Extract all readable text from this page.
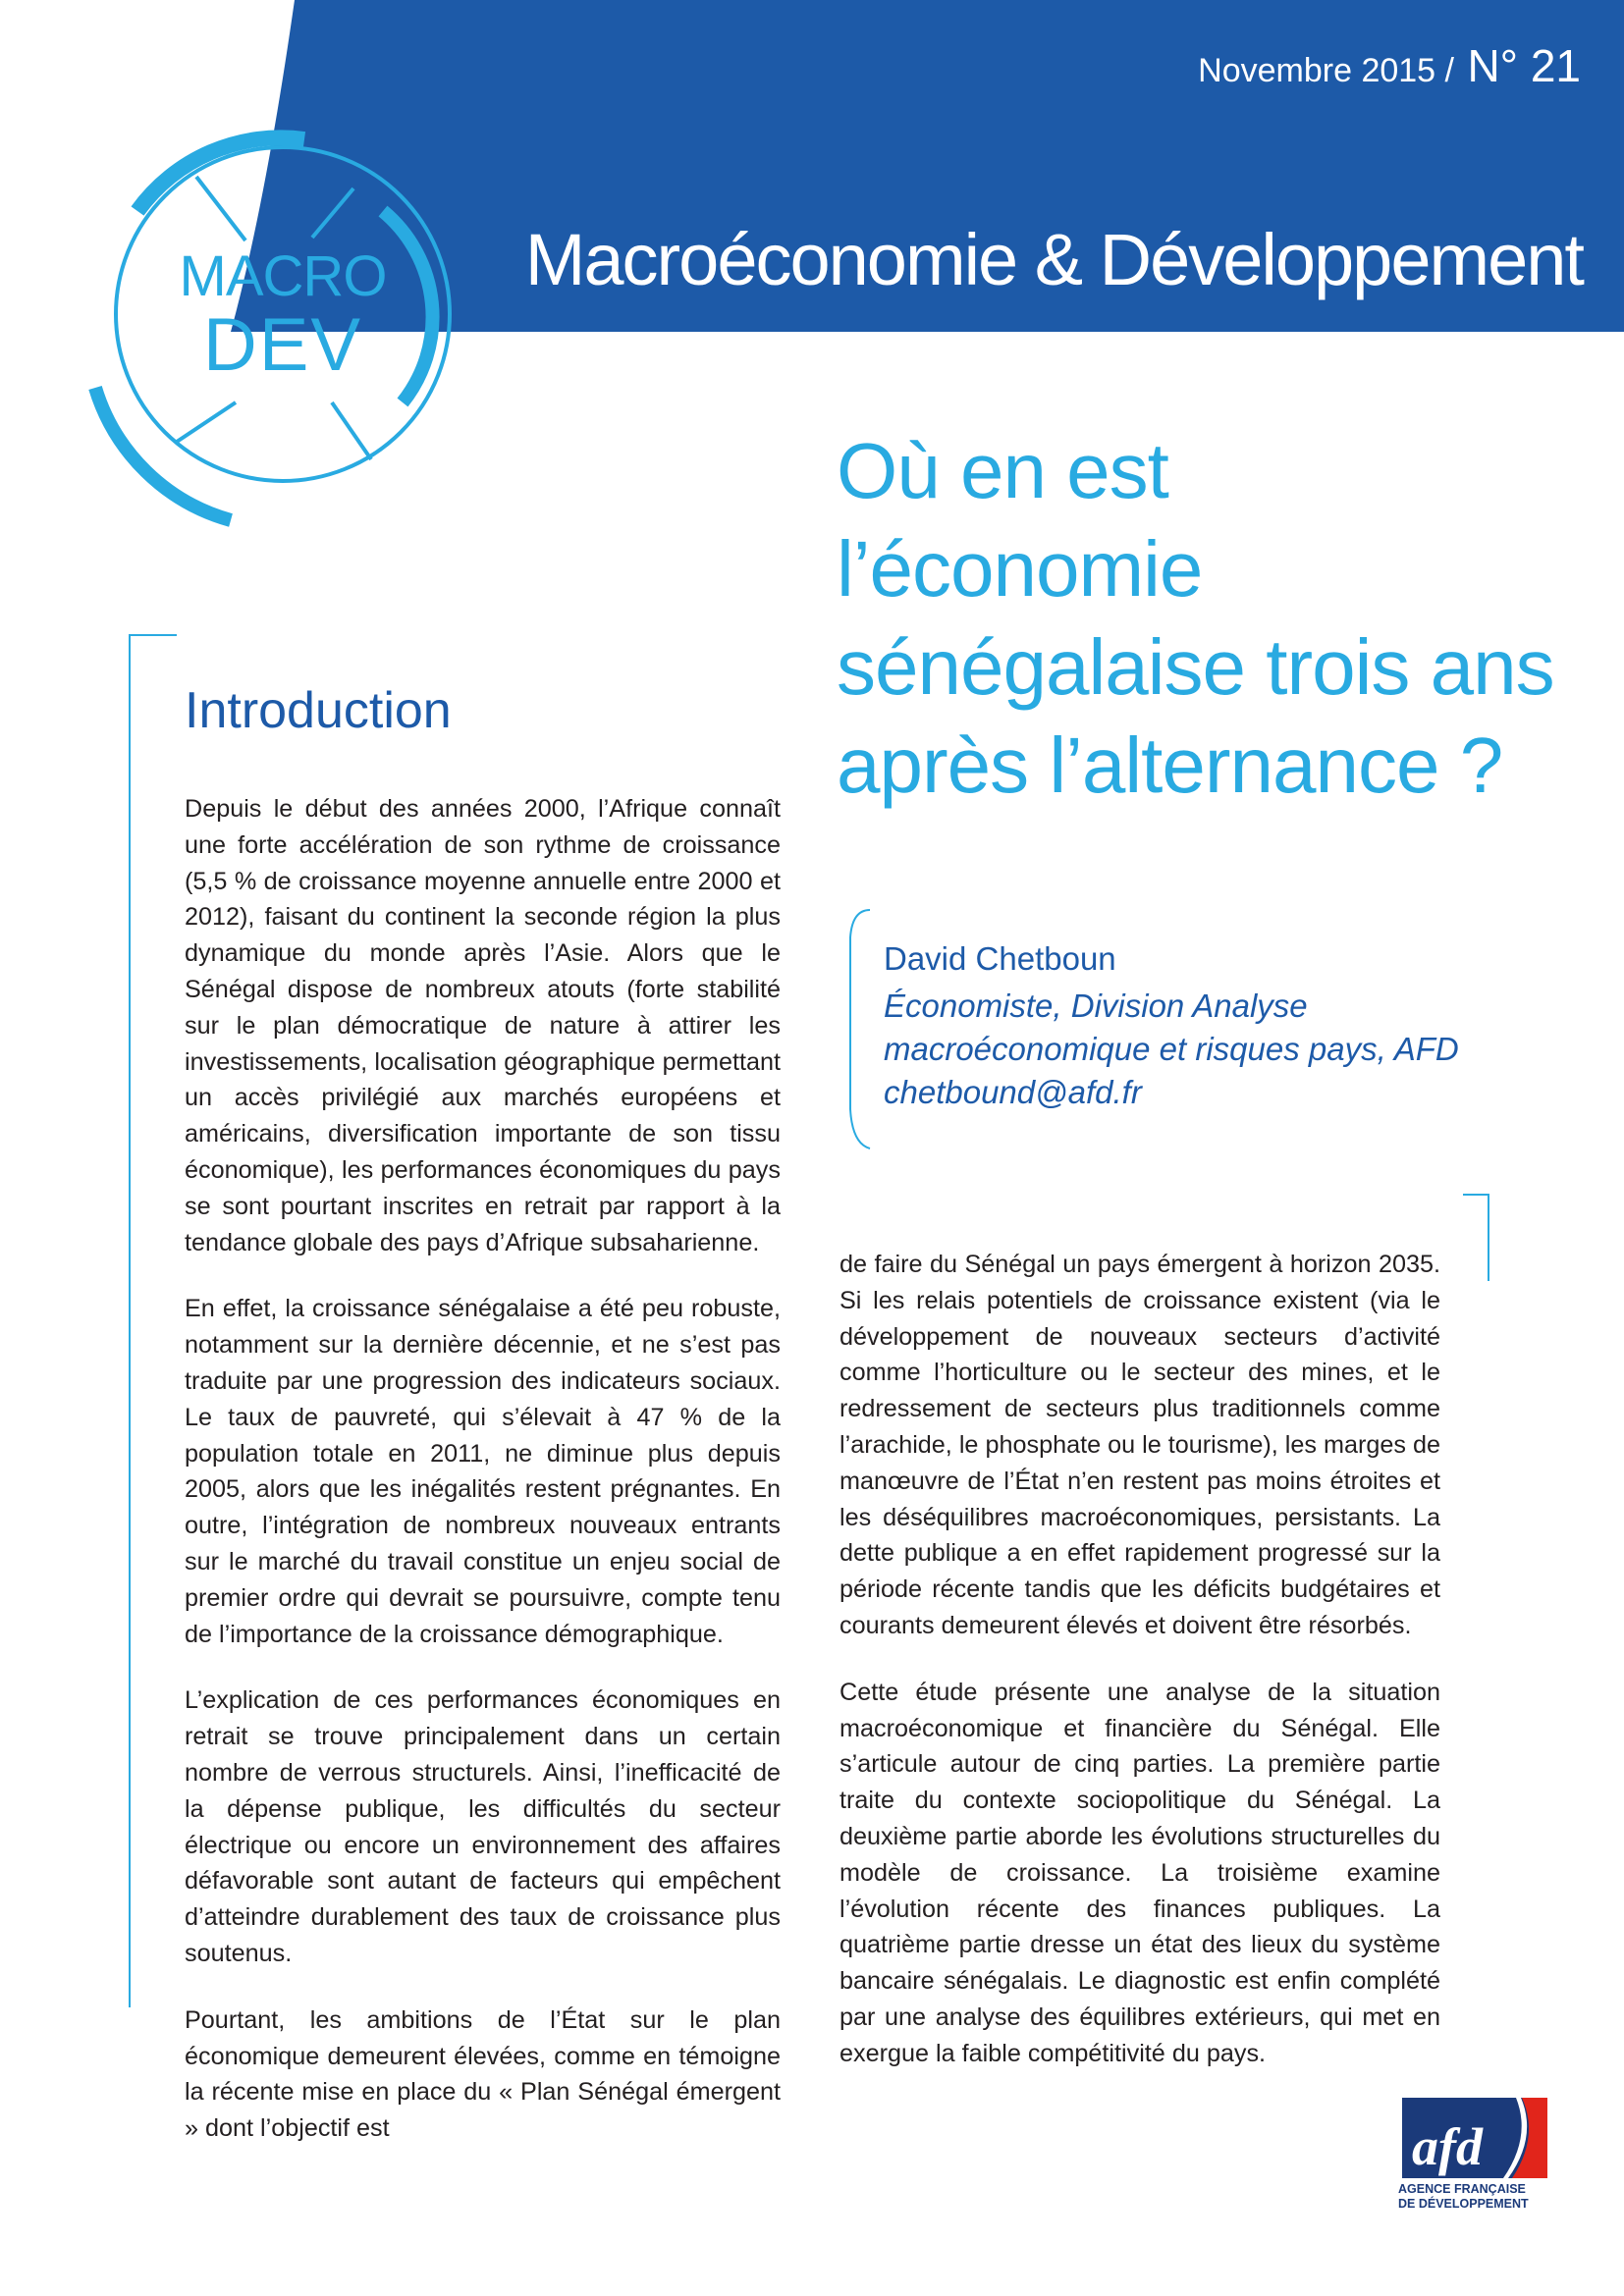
Novembre 2015 / N° 21
Macroéconomie & Développement
MACRO
DEV
Où en est
l’économie
sénégalaise trois ans
après l’alternance ?
David Chetboun
Économiste, Division Analyse
macroéconomique et risques pays, AFD
chetbound@afd.fr
Introduction

Depuis le début des années 2000, l’Afrique connaît une forte accélération de son rythme de croissance (5,5 % de croissance moyenne annuelle entre 2000 et 2012), faisant du continent la seconde région la plus dynamique du monde après l’Asie. Alors que le Sénégal dispose de nombreux atouts (forte stabilité sur le plan démocratique de nature à attirer les investissements, localisation géographique permettant un accès privilégié aux marchés européens et américains, diversification importante de son tissu économique), les performances économiques du pays se sont pourtant inscrites en retrait par rapport à la tendance globale des pays d’Afrique subsaharienne.

En effet, la croissance sénégalaise a été peu robuste, notamment sur la dernière décennie, et ne s’est pas traduite par une progression des indicateurs sociaux. Le taux de pauvreté, qui s’élevait à 47 % de la population totale en 2011, ne diminue plus depuis 2005, alors que les inégalités restent prégnantes. En outre, l’intégration de nombreux nouveaux entrants sur le marché du travail constitue un enjeu social de premier ordre qui devrait se poursuivre, compte tenu de l’importance de la croissance démographique.

L’explication de ces performances économiques en retrait se trouve principalement dans un certain nombre de verrous structurels. Ainsi, l’inefficacité de la dépense publique, les difficultés du secteur électrique ou encore un environnement des affaires défavorable sont autant de facteurs qui empêchent d’atteindre durablement des taux de croissance plus soutenus.

Pourtant, les ambitions de l’État sur le plan économique demeurent élevées, comme en témoigne la récente mise en place du « Plan Sénégal émergent » dont l’objectif est

de faire du Sénégal un pays émergent à horizon 2035. Si les relais potentiels de croissance existent (via le développement de nouveaux secteurs d’activité comme l’horticulture ou le secteur des mines, et le redressement de secteurs plus traditionnels comme l’arachide, le phosphate ou le tourisme), les marges de manœuvre de l’État n’en restent pas moins étroites et les déséquilibres macroéconomiques, persistants. La dette publique a en effet rapidement progressé sur la période récente tandis que les déficits budgétaires et courants demeurent élevés et doivent être résorbés.

Cette étude présente une analyse de la situation macroéconomique et financière du Sénégal. Elle s’articule autour de cinq parties. La première partie traite du contexte sociopolitique du Sénégal. La deuxième partie aborde les évolutions structurelles du modèle de croissance. La troisième examine l’évolution récente des finances publiques. La quatrième partie dresse un état des lieux du système bancaire sénégalais. Le diagnostic est enfin complété par une analyse des équilibres extérieurs, qui met en exergue la faible compétitivité du pays.

afd
AGENCE FRANÇAISE
DE DÉVELOPPEMENT
